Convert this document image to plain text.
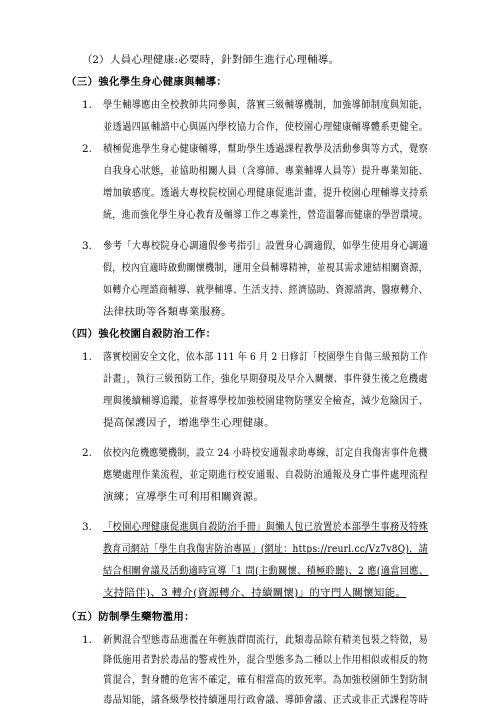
（2） 人員心理健康:必要時，針對師生進行心理輔導。
（三）強化學生身心健康與輔導：
1. 學生輔導應由全校教師共同參與，落實三級輔導機制，加強導師制度與知能，
並透過四區輔諮中心與區內學校協力合作，使校園心理健康輔導體系更健全。
2. 積極促進學生身心健康輔導，幫助學生透過課程教學及活動參與等方式，覺察
自我身心狀態，並協助相關人員（含導師、專業輔導人員等）提升專業知能、
增加敏感度。透過大專校院校園心理健康促進計畫，提升校園心理輔導支持系
統，進而強化學生身心教育及輔導工作之專業性，營造溫馨而健康的學習環境。
3. 參考「大專校院身心調適假參考指引」設置身心調適假，如學生使用身心調適
假，校內宜適時啟動關懷機制，運用全員輔導精神，並視其需求連結相關資源，
如轉介心理諮商輔導、就學輔導、生活支持、經濟協助、資源諮詢、醫療轉介、
法律扶助等各類專業服務。
（四）強化校園自殺防治工作：
1. 落實校園安全文化，依本部 111 年 6 月 2 日修訂「校園學生自傷三級預防工作
計畫」，執行三級預防工作，強化早期發現及早介入關懷、事件發生後之危機處
理與後續輔導追蹤，並督導學校加強校園建物防墜安全檢查，減少危險因子、
提高保護因子，增進學生心理健康。
2. 依校內危機應變機制，設立 24 小時校安通報求助專線，訂定自我傷害事件危機
應變處理作業流程，並定期進行校安通報、自殺防治通報及身亡事件處理流程
演練；宣導學生可利用相關資源。
3. 「校園心理健康促進與自殺防治手冊」與懶人包已放置於本部學生事務及特殊
教育司網站「學生自我傷害防治專區」(網址：https://reurl.cc/Vz7v8Q)，請
結合相關會議及活動適時宣導「1 問(主動關懷、積極聆聽)、2 應(適當回應、
支持陪伴)、3 轉介(資源轉介、持續關懷)」的守門人關懷知能。
（五）防制學生藥物濫用：
1. 新興混合型態毒品進濫在年輕族群間流行，此類毒品除有精美包裝之特徵，易
降低施用者對於毒品的警戒性外，混合型態多為二種以上作用相似或相反的物
質混合，對身體的危害不確定，確有相當高的致死率。為加強校園師生對防制
毒品知能，請各級學校持續運用行政會議、導師會議、正式或非正式課程等時
